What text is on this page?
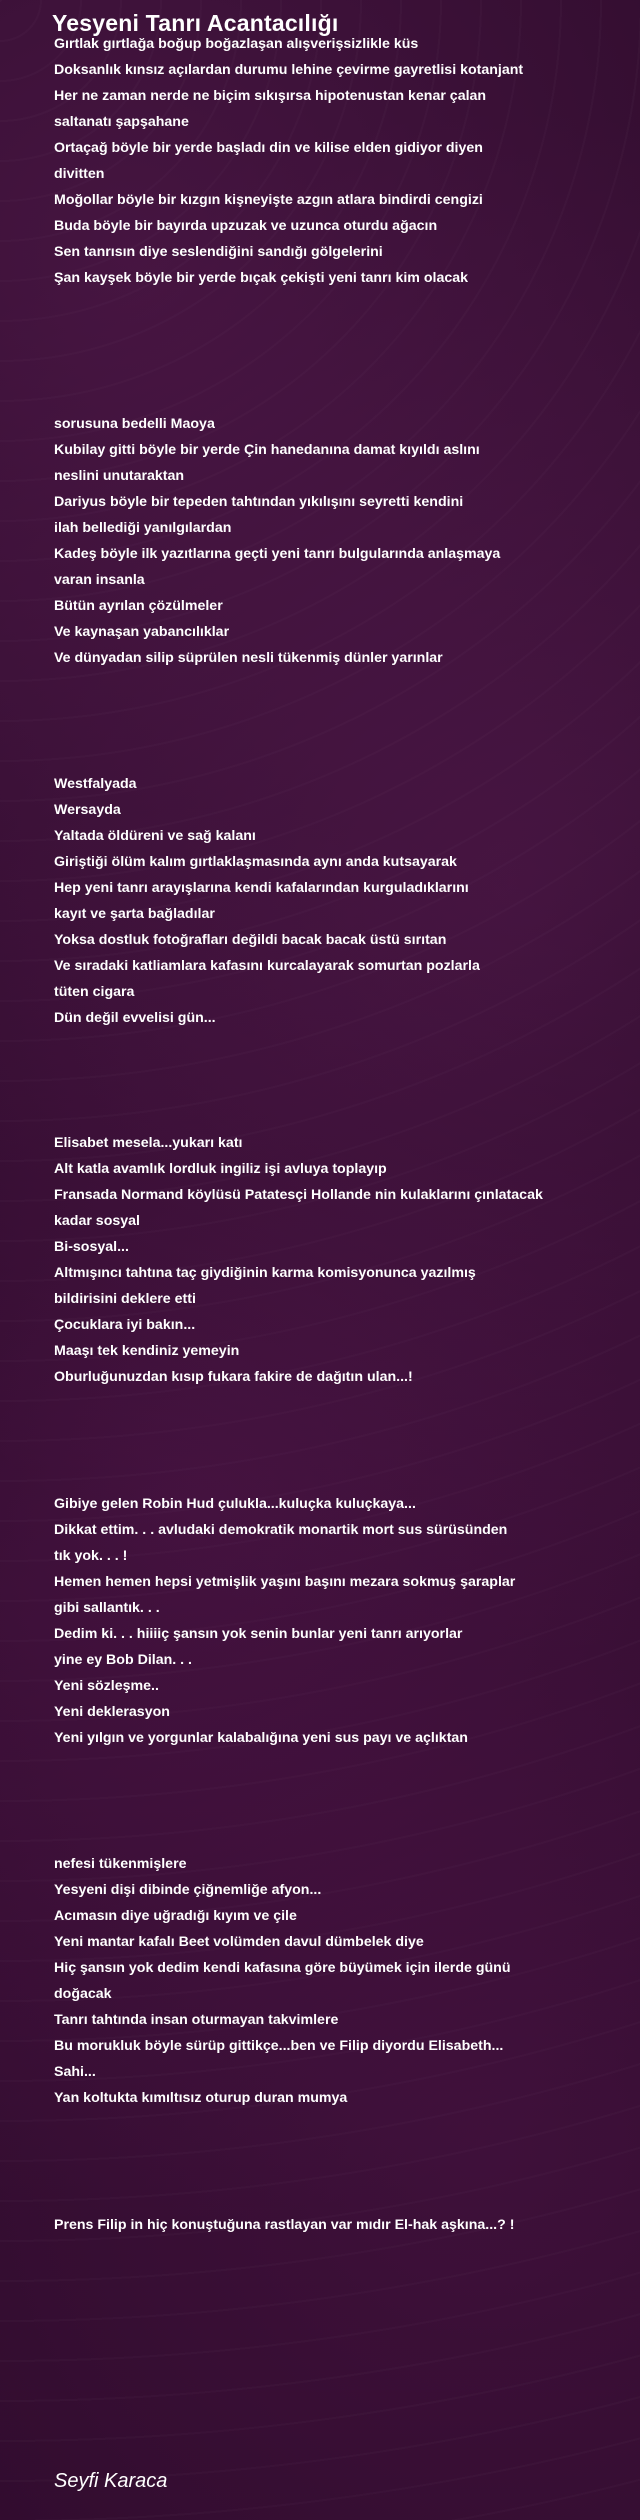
Yesyeni Tanrı Acantacılığı
Gırtlak gırtlağa boğup boğazlaşan alışverişsizlikle küs
Doksanlık kınsız açılardan durumu lehine çevirme gayretlisi kotanjant
Her ne zaman nerde ne biçim sıkışırsa hipotenustan kenar çalan
saltanatı şapşahane
Ortaçağ böyle bir yerde başladı din ve kilise elden gidiyor diyen
divitten
Moğollar böyle bir kızgın kişneyişte azgın atlara bindirdi cengizi
Buda böyle bir bayırda upzuzak ve uzunca oturdu ağacın
Sen tanrısın diye seslendiğini sandığı gölgelerini
Şan kayşek böyle bir yerde bıçak çekişti yeni tanrı kim olacak
sorusuna bedelli Maoya
Kubilay gitti böyle bir yerde Çin hanedanına damat kıyıldı aslını
neslini unutaraktan
Dariyus böyle bir tepeden tahtından yıkılışını seyretti kendini
ilah bellediği yanılgılardan
Kadeş böyle ilk yazıtlarına geçti yeni tanrı bulgularında anlaşmaya
varan insanla
Bütün ayrılan çözülmeler
Ve kaynaşan yabancılıklar
Ve dünyadan silip süprülen nesli tükenmiş dünler yarınlar
Westfalyada
Wersayda
Yaltada öldüreni ve sağ kalanı
Giriştiği ölüm kalım gırtlaklaşmasında aynı anda kutsayarak
Hep yeni tanrı arayışlarına kendi kafalarından kurguladıklarını
kayıt ve şarta bağladılar
Yoksa dostluk fotoğrafları değildi bacak bacak üstü sırıtan
Ve sıradaki katliamlara kafasını kurcalayarak somurtan pozlarla
tüten cigara
Dün değil evvelisi gün...
Elisabet mesela...yukarı katı
Alt katla avamlık lordluk ingiliz işi avluya toplayıp
Fransada Normand köylüsü Patatesçi Hollande nin kulaklarını çınlatacak
kadar sosyal
Bi-sosyal...
Altmışıncı tahtına taç giydiğinin karma komisyonunca yazılmış
bildirisini deklere etti
Çocuklara iyi bakın...
Maaşı tek kendiniz yemeyin
Oburluğunuzdan kısıp fukara fakire de dağıtın ulan...!
Gibiye gelen Robin Hud çulukla...kuluçka kuluçkaya...
Dikkat ettim. . . avludaki demokratik monartik mort sus sürüsünden
tık yok. . . !
Hemen hemen hepsi yetmişlik yaşını başını mezara sokmuş şaraplar
gibi sallantık. . .
Dedim ki. . . hiiiiç şansın yok senin bunlar yeni tanrı arıyorlar
yine ey Bob Dilan. . .
Yeni sözleşme..
Yeni deklerasyon
Yeni yılgın ve yorgunlar kalabalığına yeni sus payı ve açlıktan
nefesi tükenmişlere
Yesyeni dişi dibinde çiğnemliğe afyon...
Acımasın diye uğradığı kıyım ve çile
Yeni mantar kafalı Beet volümden davul dümbelek diye
Hiç şansın yok dedim kendi kafasına göre büyümek için ilerde günü
doğacak
Tanrı tahtında insan oturmayan takvimlere
Bu morukluk böyle sürüp gittikçe...ben ve Filip diyordu Elisabeth...
Sahi...
Yan koltukta kımıltısız oturup duran mumya
Prens Filip in hiç konuştuğuna rastlayan var mıdır El-hak aşkına...? !
Seyfi Karaca
